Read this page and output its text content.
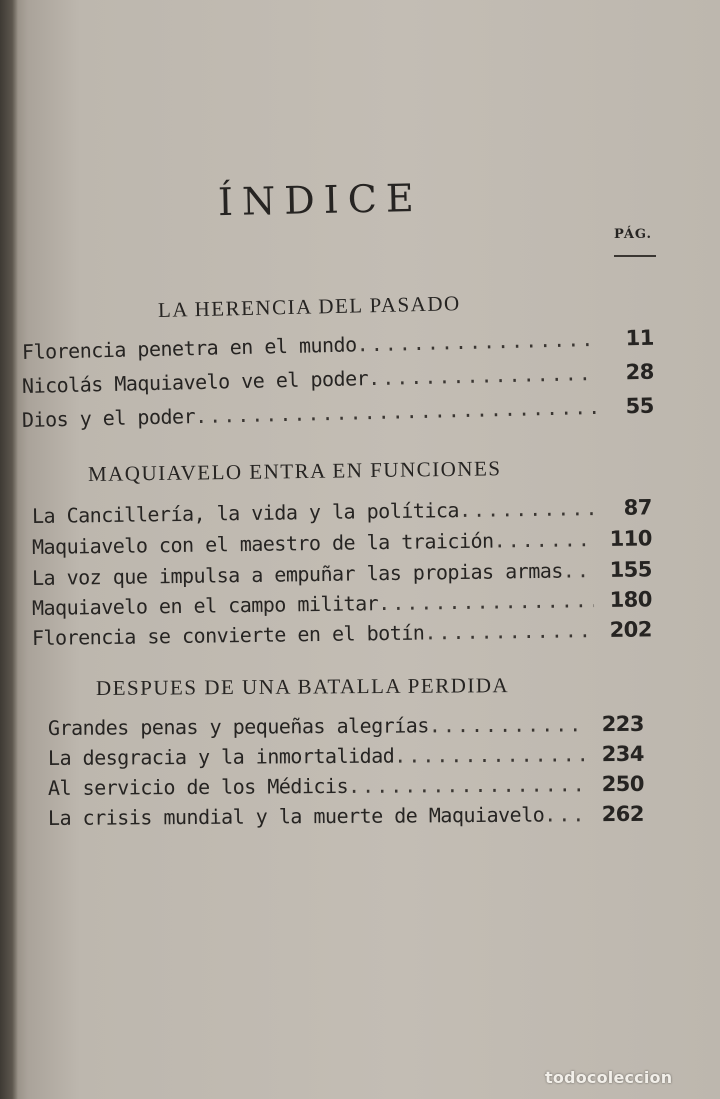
ÍNDICE
PÁG.
LA HERENCIA DEL PASADO
Florencia penetra en el mundo .....	11
Nicolás Maquiavelo ve el poder .....	28
Dios y el poder .....	55
MAQUIAVELO ENTRA EN FUNCIONES
La Cancillería, la vida y la política .....	87
Maquiavelo con el maestro de la traición .....	110
La voz que impulsa a empuñar las propias armas .....	155
Maquiavelo en el campo militar .....	180
Florencia se convierte en el botín .....	202
DESPUES DE UNA BATALLA PERDIDA
Grandes penas y pequeñas alegrías .....	223
La desgracia y la inmortalidad .....	234
Al servicio de los Médicis .....	250
La crisis mundial y la muerte de Maquiavelo .....	262
todocoleccion
